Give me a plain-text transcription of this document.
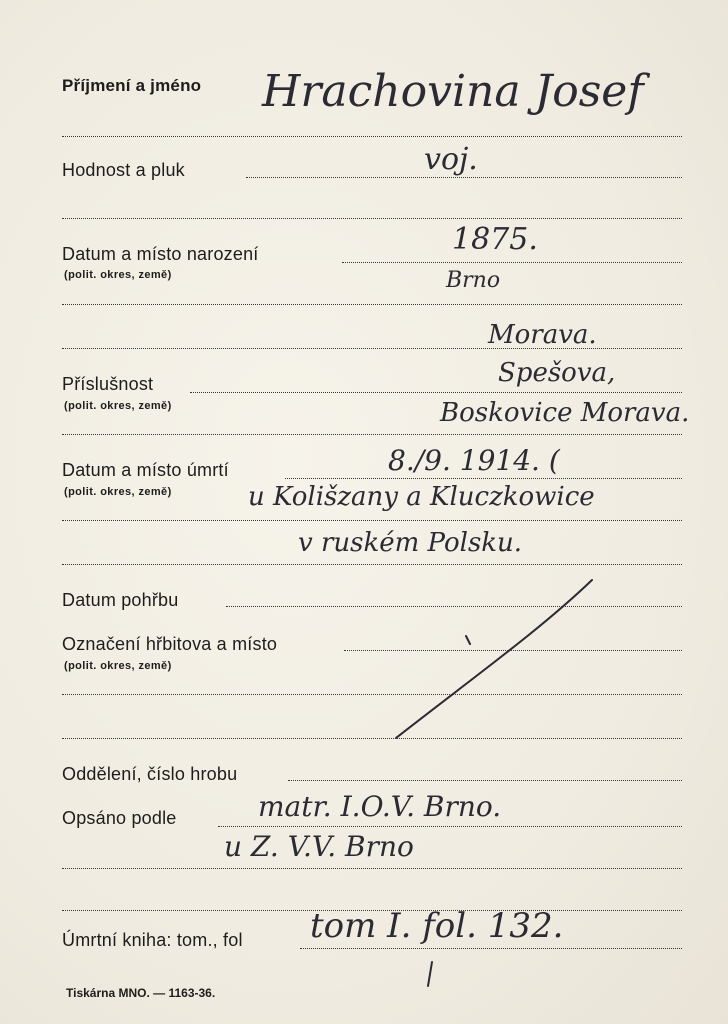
Příjmení a jméno
Hodnost a pluk
Datum a místo narození
(polit. okres, země)
Příslušnost
(polit. okres, země)
Datum a místo úmrtí
(polit. okres, země)
Datum pohřbu
Označení hřbitova a místo
(polit. okres, země)
Oddělení, číslo hrobu
Opsáno podle
Úmrtní kniha: tom., fol
Hrachovina Josef
voj.
1875.
Brno
Morava.
Spešova,
Boskovice Morava.
8./9. 1914. (
u Kolišzany a Kluczkowice
v ruském Polsku.
matr. I.O.V. Brno.
u Z. V.V. Brno
tom I. fol. 132.
Tiskárna MNO. — 1163-36.
